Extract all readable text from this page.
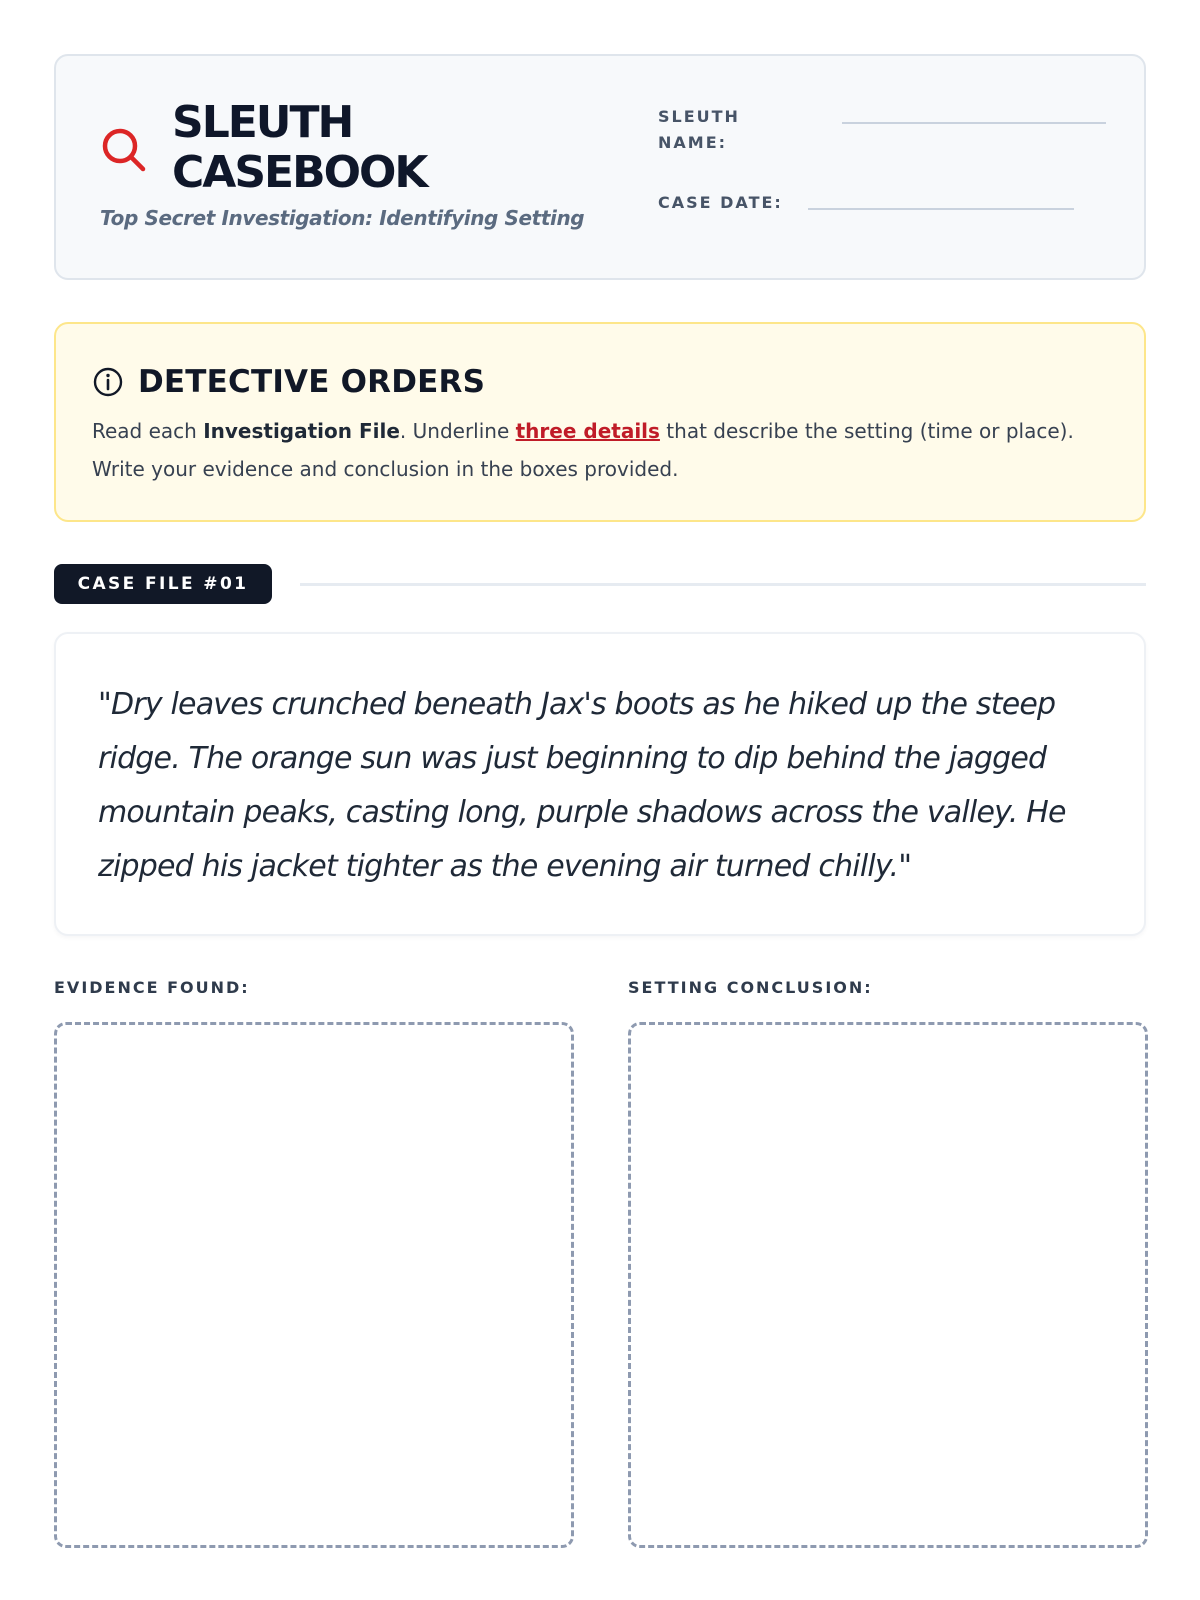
SLEUTH
CASEBOOK
Top Secret Investigation: Identifying Setting
SLEUTH NAME:
CASE DATE:
DETECTIVE ORDERS
Read each Investigation File. Underline three details that describe the setting (time or place). Write your evidence and conclusion in the boxes provided.
CASE FILE #01
"Dry leaves crunched beneath Jax's boots as he hiked up the steep ridge. The orange sun was just beginning to dip behind the jagged mountain peaks, casting long, purple shadows across the valley. He zipped his jacket tighter as the evening air turned chilly."
EVIDENCE FOUND:	SETTING CONCLUSION:
